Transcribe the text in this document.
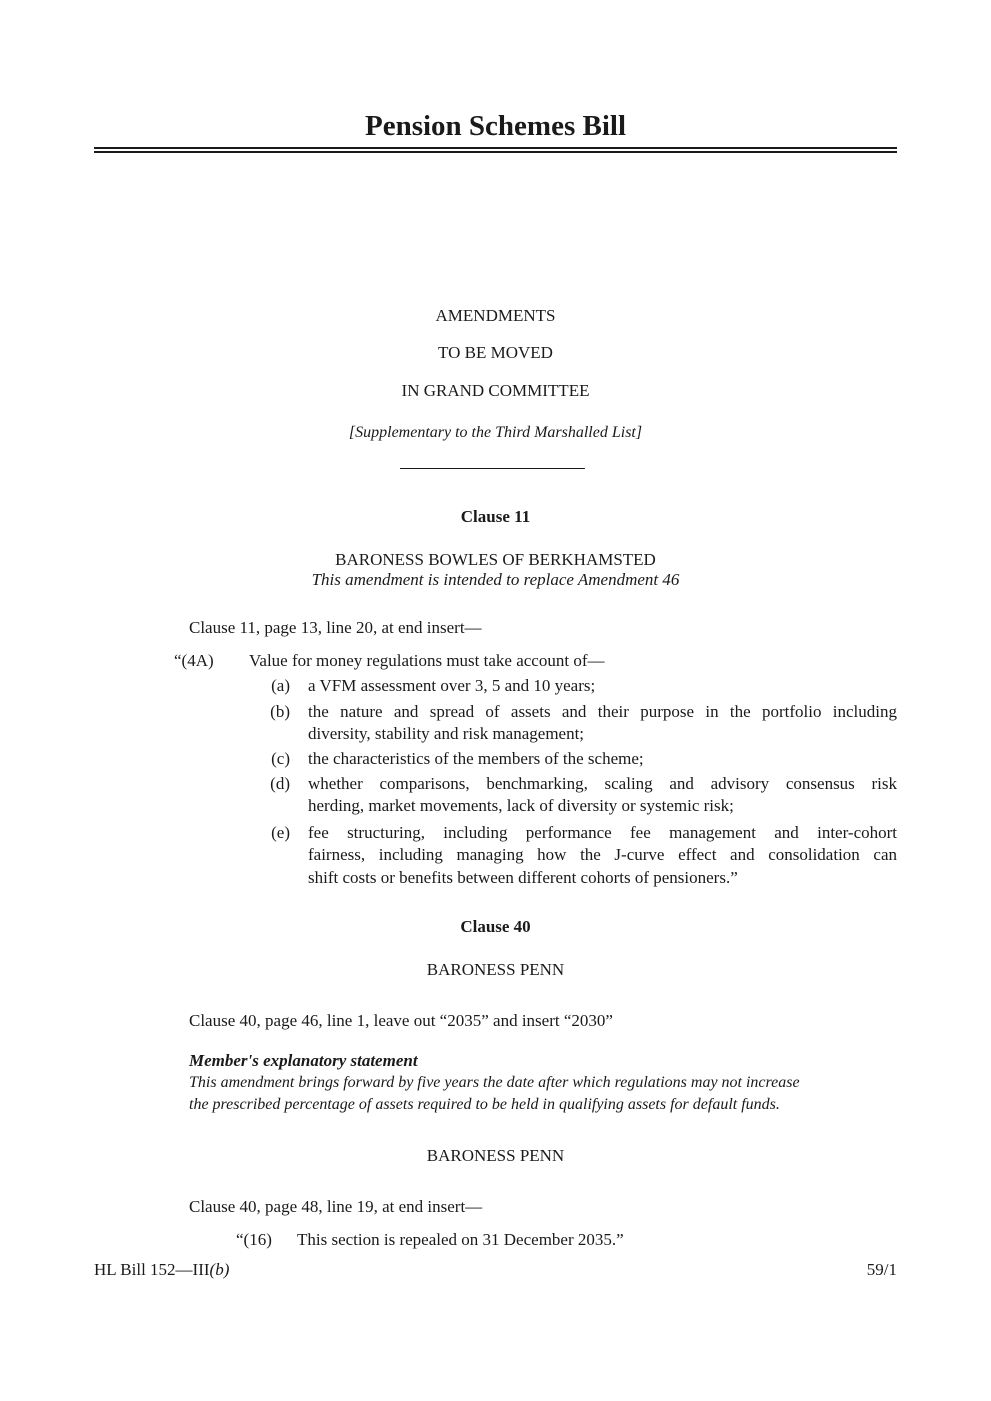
Pension Schemes Bill
AMENDMENTS
TO BE MOVED
IN GRAND COMMITTEE
[Supplementary to the Third Marshalled List]
Clause 11
BARONESS BOWLES OF BERKHAMSTED
This amendment is intended to replace Amendment 46
Clause 11, page 13, line 20, at end insert—
“(4A) Value for money regulations must take account of—
(a) a VFM assessment over 3, 5 and 10 years;
(b) the nature and spread of assets and their purpose in the portfolio including
diversity, stability and risk management;
(c) the characteristics of the members of the scheme;
(d) whether comparisons, benchmarking, scaling and advisory consensus risk
herding, market movements, lack of diversity or systemic risk;
(e) fee structuring, including performance fee management and inter-cohort
fairness, including managing how the J-curve effect and consolidation can
shift costs or benefits between different cohorts of pensioners.”
Clause 40
BARONESS PENN
Clause 40, page 46, line 1, leave out “2035” and insert “2030”
Member's explanatory statement
This amendment brings forward by five years the date after which regulations may not increase
the prescribed percentage of assets required to be held in qualifying assets for default funds.
BARONESS PENN
Clause 40, page 48, line 19, at end insert—
“(16) This section is repealed on 31 December 2035.”
HL Bill 152—III(b)	59/1
